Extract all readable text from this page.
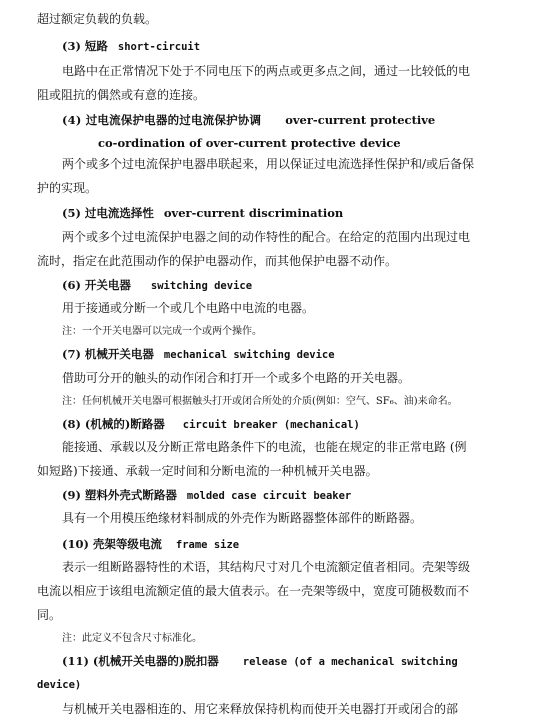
超过额定负载的负载。
(3) 短路 short-circuit
电路中在正常情况下处于不同电压下的两点或更多点之间，通过一比较低的电
阻或阻抗的偶然或有意的连接。
(4) 过电流保护电器的过电流保护协调 over-current protective
co-ordination of over-current protective device
两个或多个过电流保护电器串联起来，用以保证过电流选择性保护和/或后备保
护的实现。
(5) 过电流选择性 over-current discrimination
两个或多个过电流保护电器之间的动作特性的配合。在给定的范围内出现过电
流时，指定在此范围动作的保护电器动作，而其他保护电器不动作。
(6) 开关电器 switching device
用于接通或分断一个或几个电路中电流的电器。
注：一个开关电器可以完成一个或两个操作。
(7) 机械开关电器 mechanical switching device
借助可分开的触头的动作闭合和打开一个或多个电路的开关电器。
注：任何机械开关电器可根据触头打开或闭合所处的介质(例如：空气、SF₆、油)来命名。
(8) (机械的)断路器 circuit breaker (mechanical)
能接通、承载以及分断正常电路条件下的电流，也能在规定的非正常电路 (例
如短路)下接通、承载一定时间和分断电流的一种机械开关电器。
(9) 塑料外壳式断路器 molded case circuit beaker
具有一个用模压绝缘材料制成的外壳作为断路器整体部件的断路器。
(10) 壳架等级电流 frame size
表示一组断路器特性的术语，其结构尺寸对几个电流额定值者相同。壳架等级
电流以相应于该组电流额定值的最大值表示。在一壳架等级中，宽度可随极数而不
同。
注：此定义不包含尺寸标准化。
(11) (机械开关电器的)脱扣器 release (of a mechanical switching
device)
与机械开关电器相连的、用它来释放保持机构而使开关电器打开或闭合的部
